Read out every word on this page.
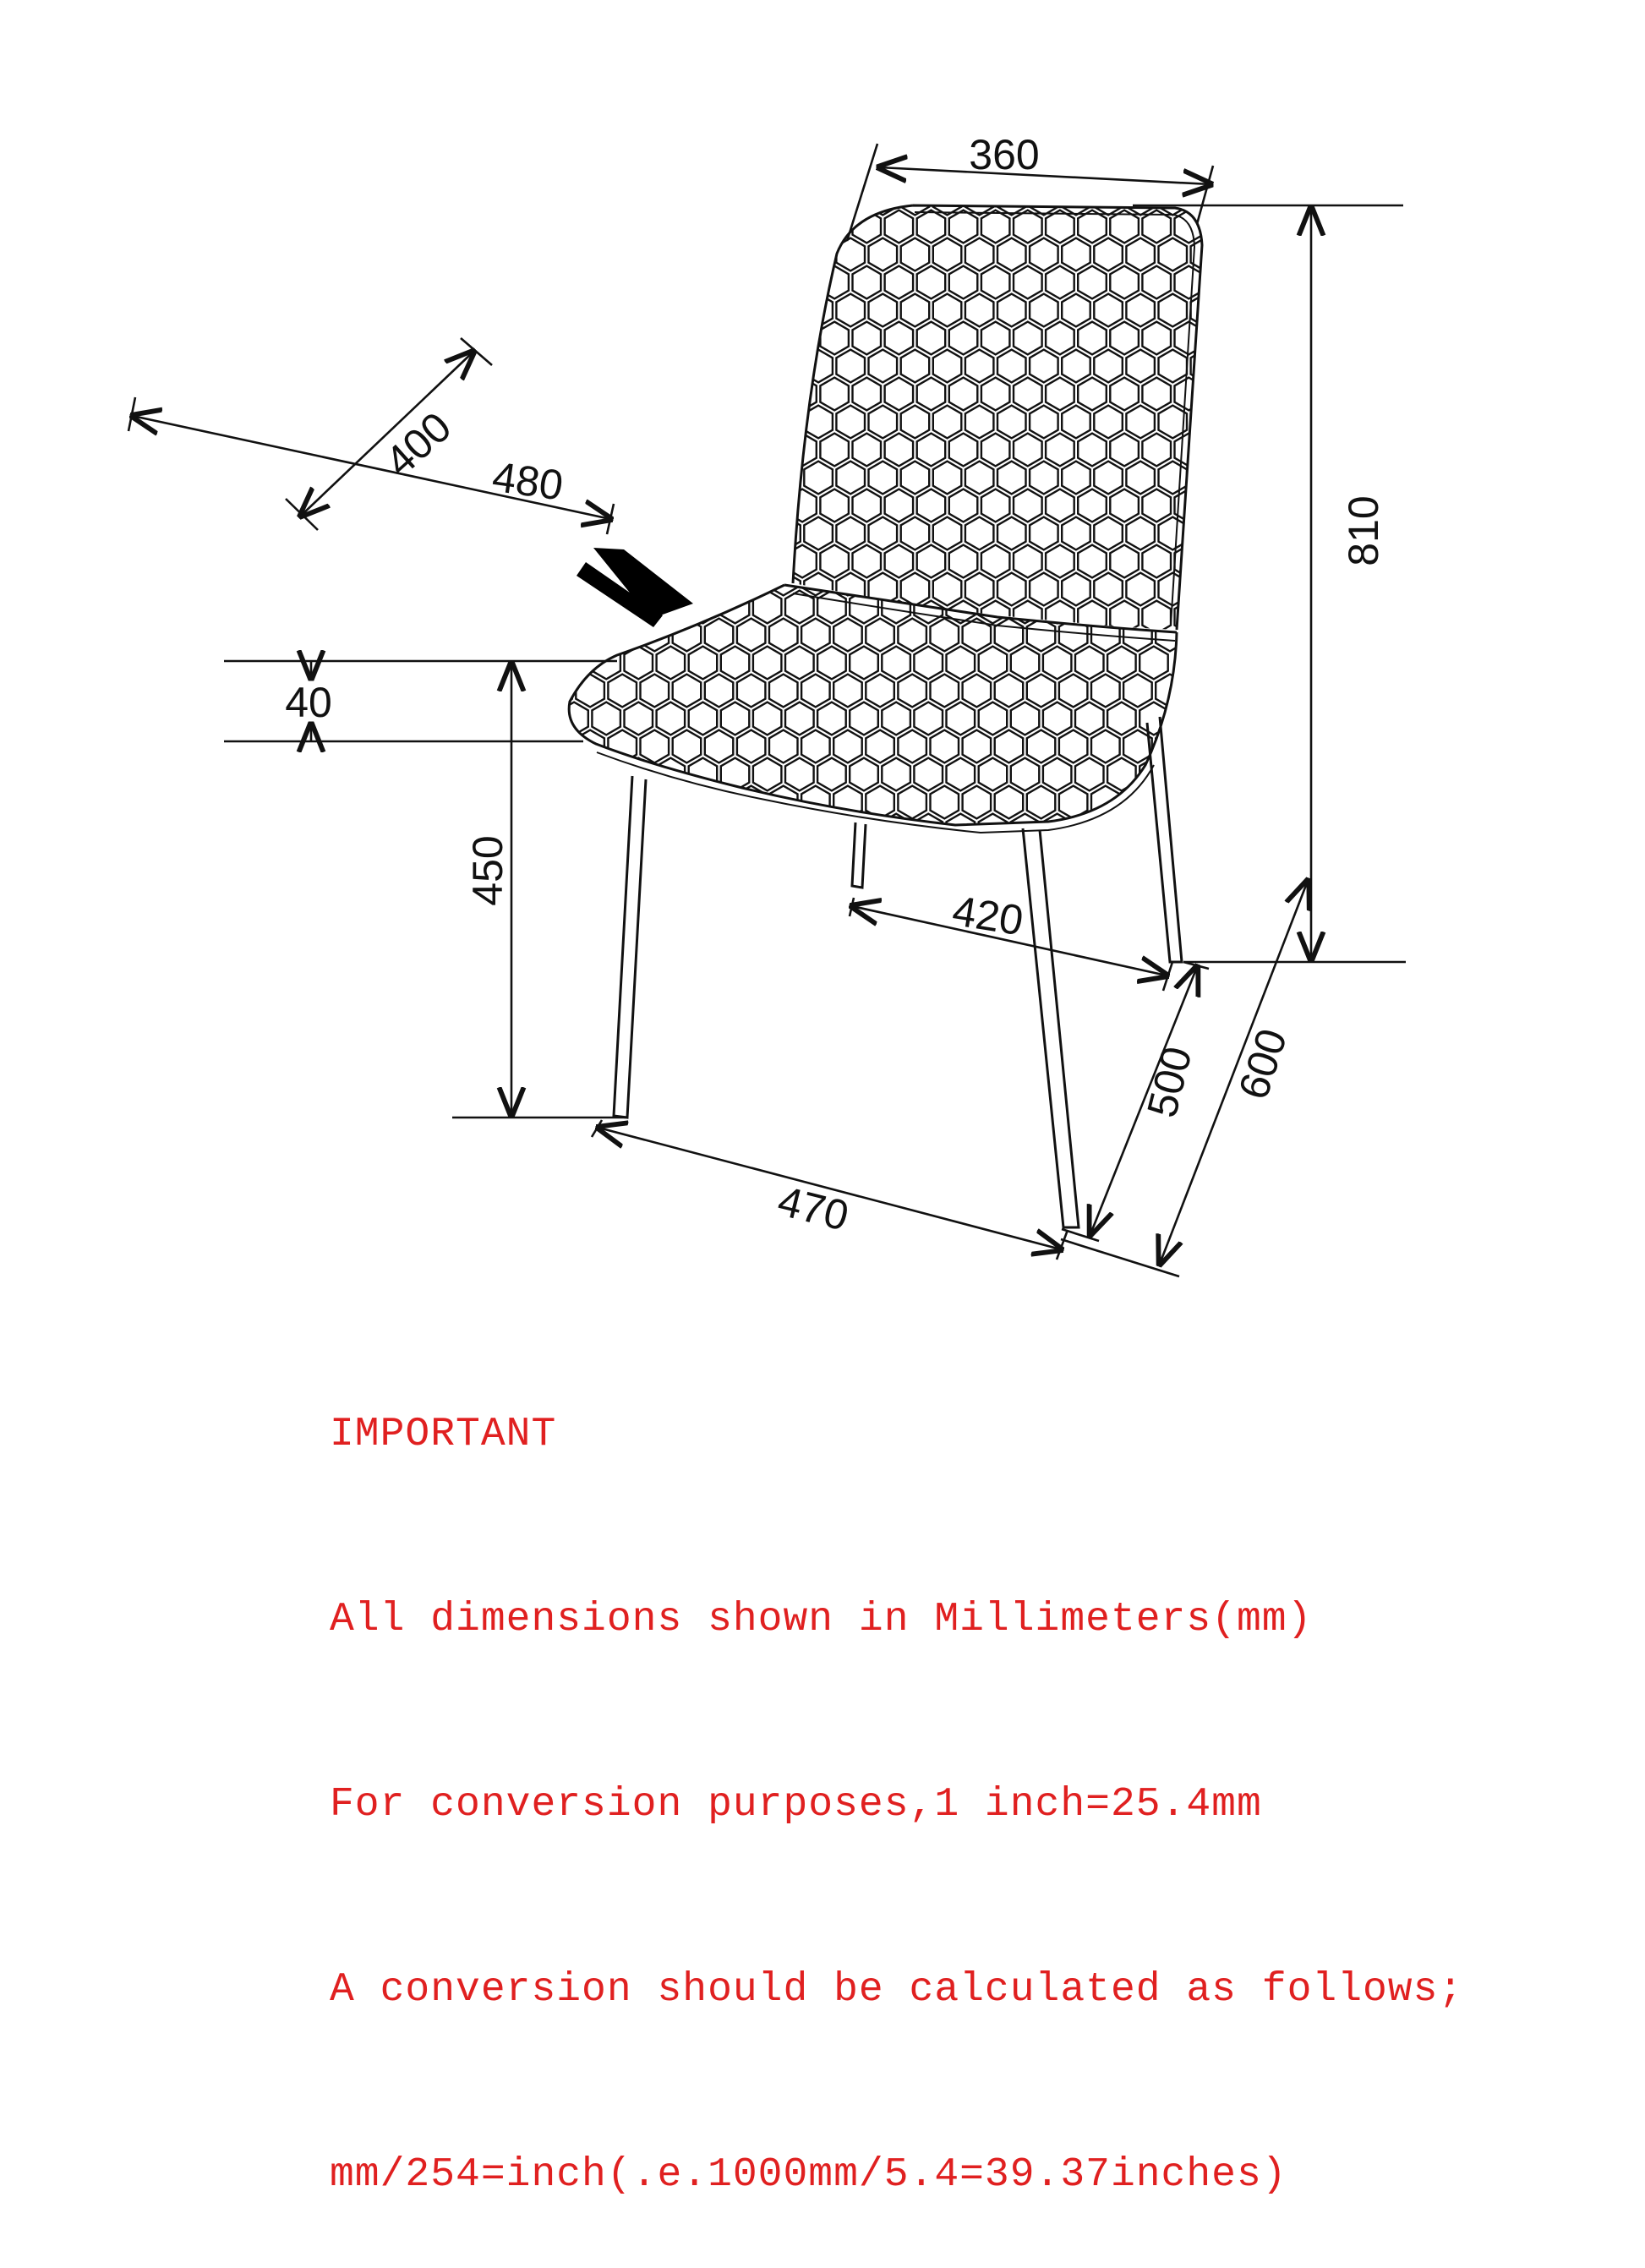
360
810
400 480
40
450
420
470
500 600

IMPORTANT

All dimensions shown in Millimeters(mm)

For conversion purposes,1 inch=25.4mm

A conversion should be calculated as follows;

mm/254=inch(.e.1000mm/5.4=39.37inches)
